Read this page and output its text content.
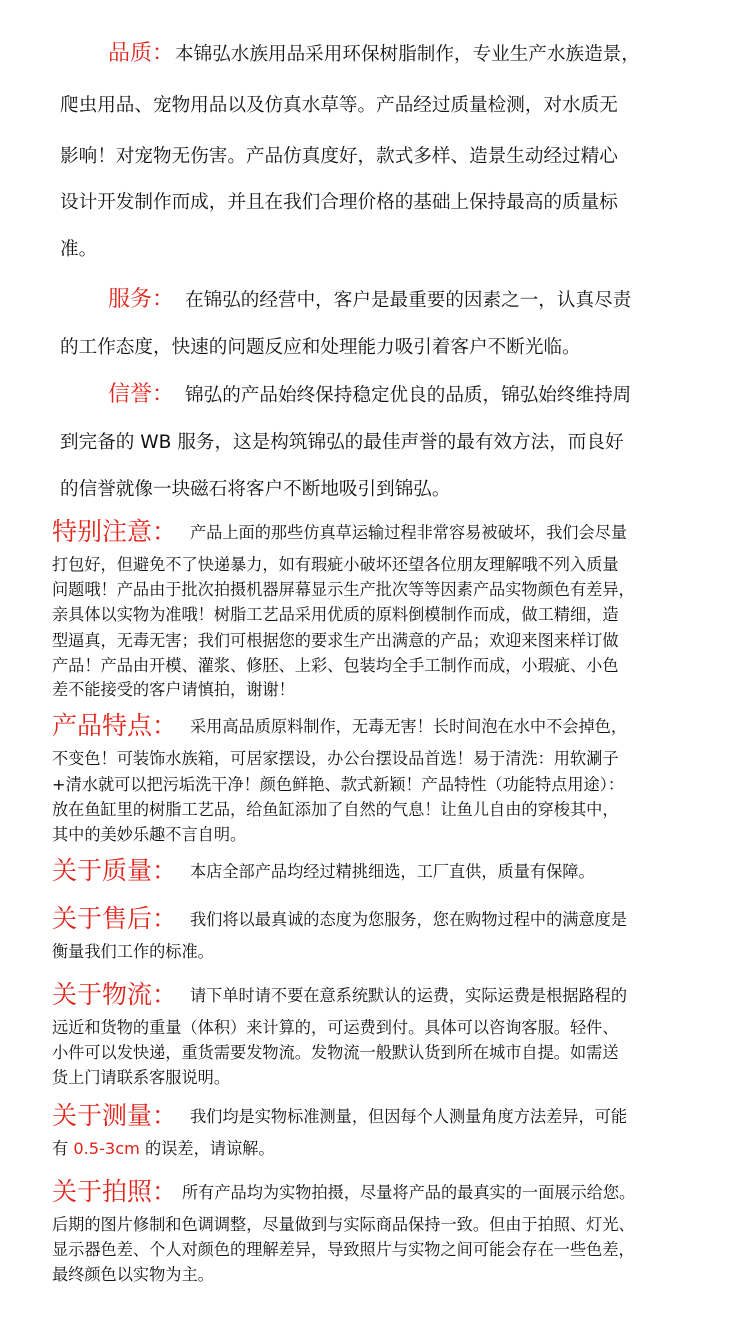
品质： 本锦弘水族用品采用环保树脂制作，专业生产水族造景，
爬虫用品、宠物用品以及仿真水草等。产品经过质量检测，对水质无
影响！对宠物无伤害。产品仿真度好，款式多样、造景生动经过精心
设计开发制作而成，并且在我们合理价格的基础上保持最高的质量标
准。
服务： 在锦弘的经营中，客户是最重要的因素之一，认真尽责
的工作态度，快速的问题反应和处理能力吸引着客户不断光临。
信誉： 锦弘的产品始终保持稳定优良的品质，锦弘始终维持周
到完备的 WB 服务，这是构筑锦弘的最佳声誉的最有效方法，而良好
的信誉就像一块磁石将客户不断地吸引到锦弘。
特别注意： 产品上面的那些仿真草运输过程非常容易被破坏，我们会尽量
打包好，但避免不了快递暴力，如有瑕疵小破坏还望各位朋友理解哦不列入质量
问题哦！产品由于批次拍摄机器屏幕显示生产批次等等因素产品实物颜色有差异，
亲具体以实物为准哦！树脂工艺品采用优质的原料倒模制作而成，做工精细，造
型逼真，无毒无害；我们可根据您的要求生产出满意的产品；欢迎来图来样订做
产品！产品由开模、灌浆、修胚、上彩、包装均全手工制作而成，小瑕疵、小色
差不能接受的客户请慎拍，谢谢！
产品特点： 采用高品质原料制作，无毒无害！长时间泡在水中不会掉色，
不变色！可装饰水族箱，可居家摆设，办公台摆设品首选！易于清洗：用软涮子
+清水就可以把污垢洗干净！颜色鲜艳、款式新颖！产品特性（功能特点用途）：
放在鱼缸里的树脂工艺品，给鱼缸添加了自然的气息！让鱼儿自由的穿梭其中，
其中的美妙乐趣不言自明。
关于质量： 本店全部产品均经过精挑细选，工厂直供，质量有保障。
关于售后： 我们将以最真诚的态度为您服务，您在购物过程中的满意度是
衡量我们工作的标准。
关于物流： 请下单时请不要在意系统默认的运费，实际运费是根据路程的
远近和货物的重量（体积）来计算的，可运费到付。具体可以咨询客服。轻件、
小件可以发快递，重货需要发物流。发物流一般默认货到所在城市自提。如需送
货上门请联系客服说明。
关于测量： 我们均是实物标准测量，但因每个人测量角度方法差异，可能
有 0.5-3cm 的误差，请谅解。
关于拍照： 所有产品均为实物拍摄，尽量将产品的最真实的一面展示给您。
后期的图片修制和色调调整，尽量做到与实际商品保持一致。但由于拍照、灯光、
显示器色差、个人对颜色的理解差异，导致照片与实物之间可能会存在一些色差，
最终颜色以实物为主。
